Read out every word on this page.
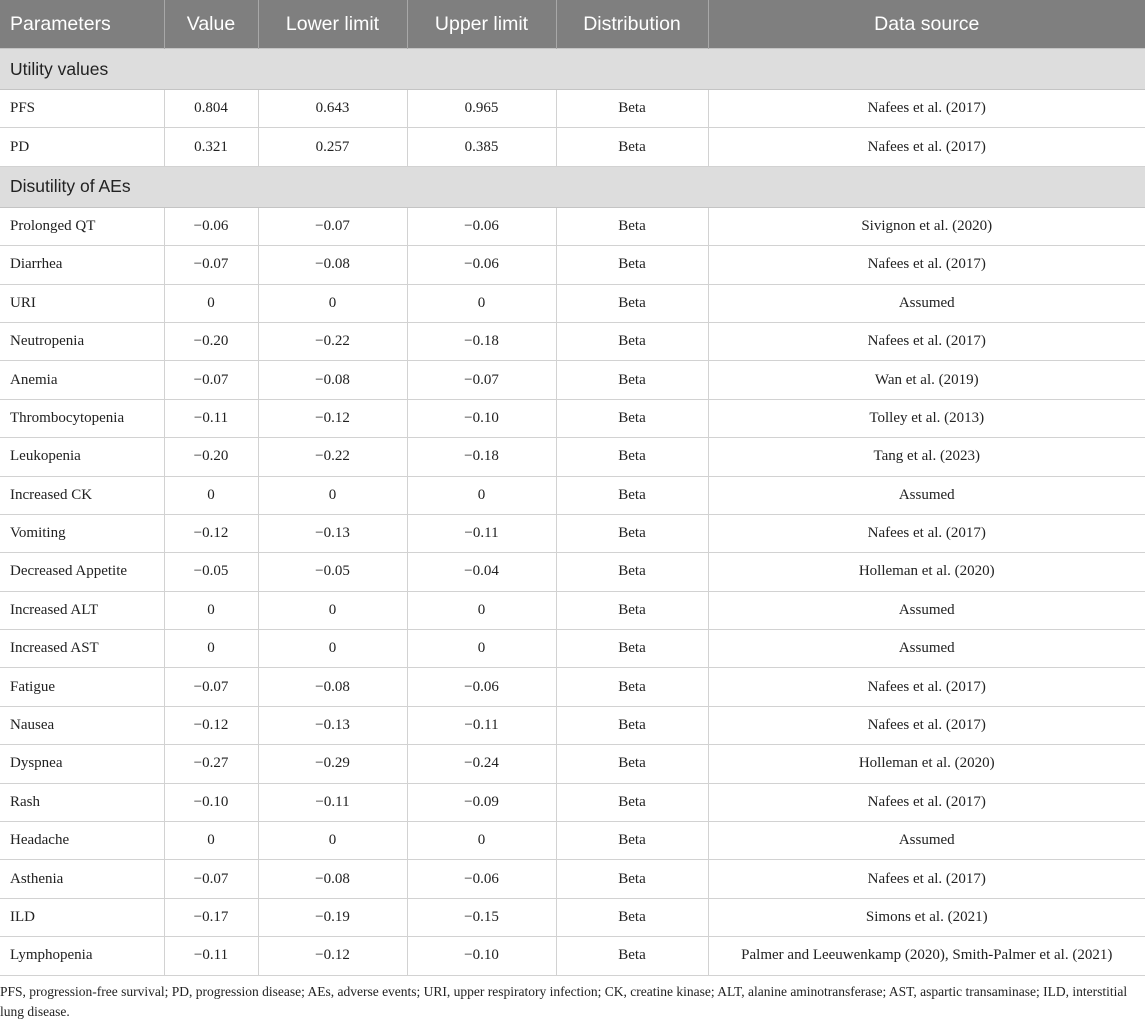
Parameters	Value	Lower limit	Upper limit	Distribution	Data source
Utility values					
PFS	0.804	0.643	0.965	Beta	Nafees et al. (2017)
PD	0.321	0.257	0.385	Beta	Nafees et al. (2017)
Disutility of AEs					
Prolonged QT	−0.06	−0.07	−0.06	Beta	Sivignon et al. (2020)
Diarrhea	−0.07	−0.08	−0.06	Beta	Nafees et al. (2017)
URI	0	0	0	Beta	Assumed
Neutropenia	−0.20	−0.22	−0.18	Beta	Nafees et al. (2017)
Anemia	−0.07	−0.08	−0.07	Beta	Wan et al. (2019)
Thrombocytopenia	−0.11	−0.12	−0.10	Beta	Tolley et al. (2013)
Leukopenia	−0.20	−0.22	−0.18	Beta	Tang et al. (2023)
Increased CK	0	0	0	Beta	Assumed
Vomiting	−0.12	−0.13	−0.11	Beta	Nafees et al. (2017)
Decreased Appetite	−0.05	−0.05	−0.04	Beta	Holleman et al. (2020)
Increased ALT	0	0	0	Beta	Assumed
Increased AST	0	0	0	Beta	Assumed
Fatigue	−0.07	−0.08	−0.06	Beta	Nafees et al. (2017)
Nausea	−0.12	−0.13	−0.11	Beta	Nafees et al. (2017)
Dyspnea	−0.27	−0.29	−0.24	Beta	Holleman et al. (2020)
Rash	−0.10	−0.11	−0.09	Beta	Nafees et al. (2017)
Headache	0	0	0	Beta	Assumed
Asthenia	−0.07	−0.08	−0.06	Beta	Nafees et al. (2017)
ILD	−0.17	−0.19	−0.15	Beta	Simons et al. (2021)
Lymphopenia	−0.11	−0.12	−0.10	Beta	Palmer and Leeuwenkamp (2020), Smith-Palmer et al. (2021)
PFS, progression-free survival; PD, progression disease; AEs, adverse events; URI, upper respiratory infection; CK, creatine kinase; ALT, alanine aminotransferase; AST, aspartic transaminase; ILD, interstitial lung disease.
